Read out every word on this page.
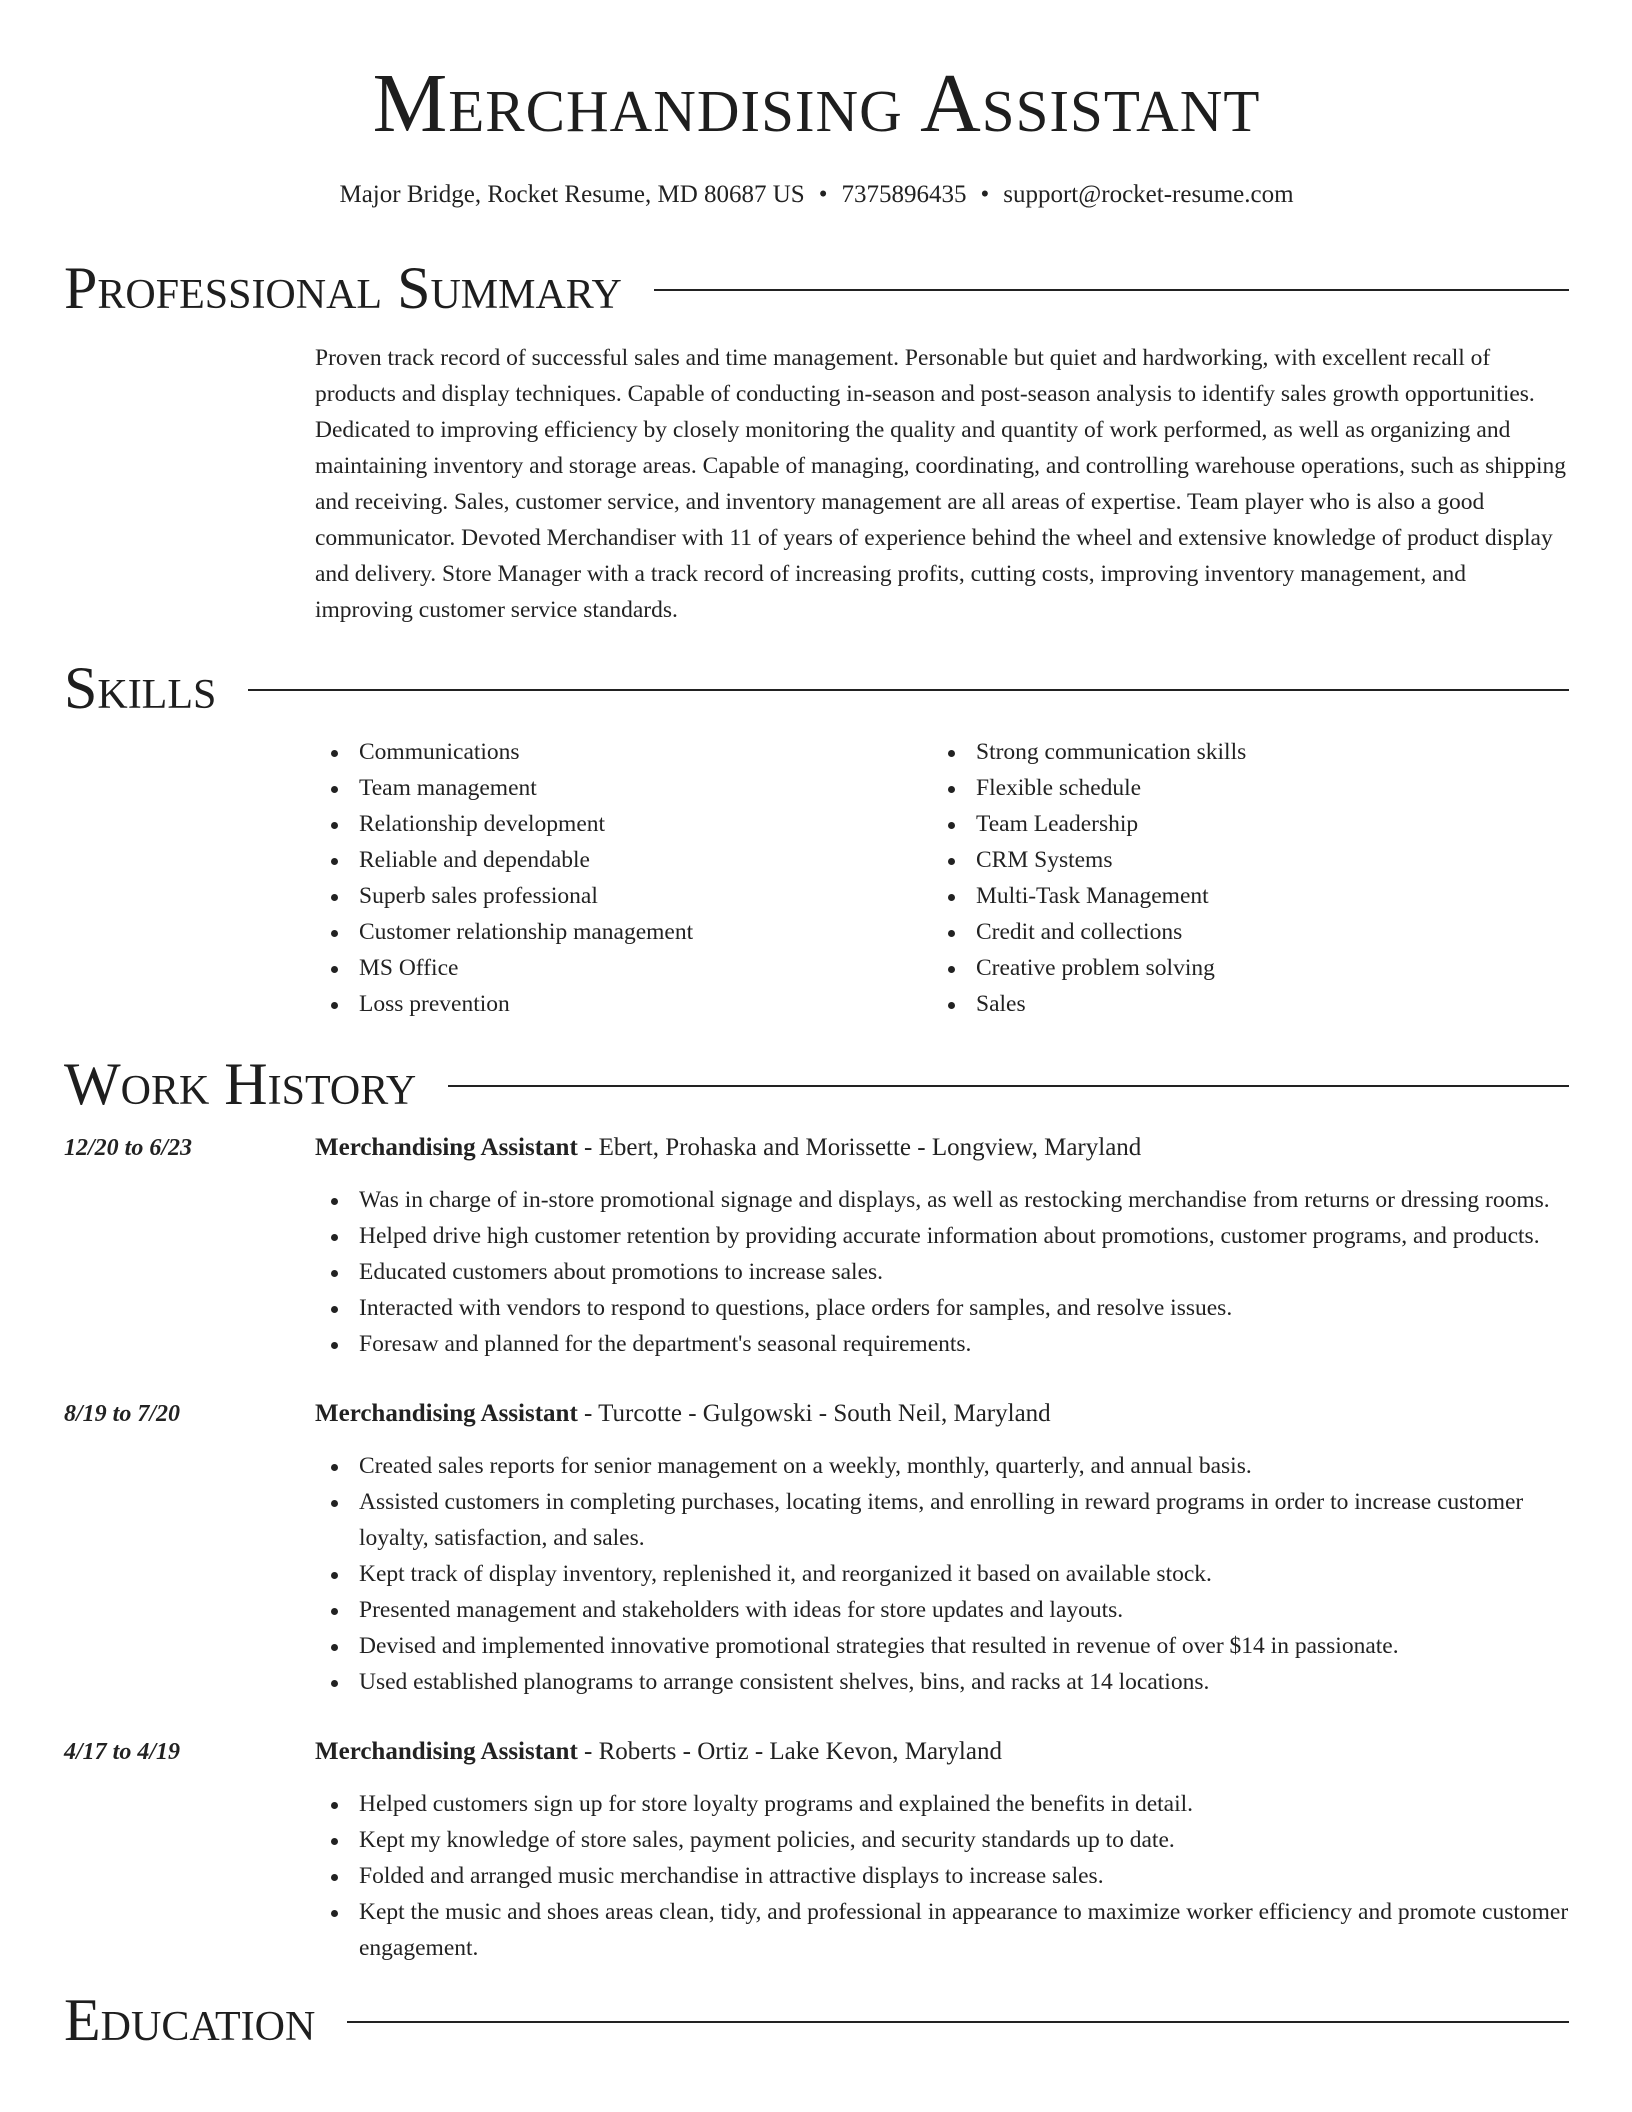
Merchandising Assistant
Major Bridge, Rocket Resume, MD 80687 US • 7375896435 • support@rocket-resume.com
Professional Summary
Proven track record of successful sales and time management. Personable but quiet and hardworking, with excellent recall of products and display techniques. Capable of conducting in-season and post-season analysis to identify sales growth opportunities. Dedicated to improving efficiency by closely monitoring the quality and quantity of work performed, as well as organizing and maintaining inventory and storage areas. Capable of managing, coordinating, and controlling warehouse operations, such as shipping and receiving. Sales, customer service, and inventory management are all areas of expertise. Team player who is also a good communicator. Devoted Merchandiser with 11 of years of experience behind the wheel and extensive knowledge of product display and delivery. Store Manager with a track record of increasing profits, cutting costs, improving inventory management, and improving customer service standards.
Skills
Communications
Team management
Relationship development
Reliable and dependable
Superb sales professional
Customer relationship management
MS Office
Loss prevention
Strong communication skills
Flexible schedule
Team Leadership
CRM Systems
Multi-Task Management
Credit and collections
Creative problem solving
Sales
Work History
12/20 to 6/23	Merchandising Assistant - Ebert, Prohaska and Morissette - Longview, Maryland
Was in charge of in-store promotional signage and displays, as well as restocking merchandise from returns or dressing rooms.
Helped drive high customer retention by providing accurate information about promotions, customer programs, and products.
Educated customers about promotions to increase sales.
Interacted with vendors to respond to questions, place orders for samples, and resolve issues.
Foresaw and planned for the department's seasonal requirements.
8/19 to 7/20	Merchandising Assistant - Turcotte - Gulgowski - South Neil, Maryland
Created sales reports for senior management on a weekly, monthly, quarterly, and annual basis.
Assisted customers in completing purchases, locating items, and enrolling in reward programs in order to increase customer loyalty, satisfaction, and sales.
Kept track of display inventory, replenished it, and reorganized it based on available stock.
Presented management and stakeholders with ideas for store updates and layouts.
Devised and implemented innovative promotional strategies that resulted in revenue of over $14 in passionate.
Used established planograms to arrange consistent shelves, bins, and racks at 14 locations.
4/17 to 4/19	Merchandising Assistant - Roberts - Ortiz - Lake Kevon, Maryland
Helped customers sign up for store loyalty programs and explained the benefits in detail.
Kept my knowledge of store sales, payment policies, and security standards up to date.
Folded and arranged music merchandise in attractive displays to increase sales.
Kept the music and shoes areas clean, tidy, and professional in appearance to maximize worker efficiency and promote customer engagement.
Education
